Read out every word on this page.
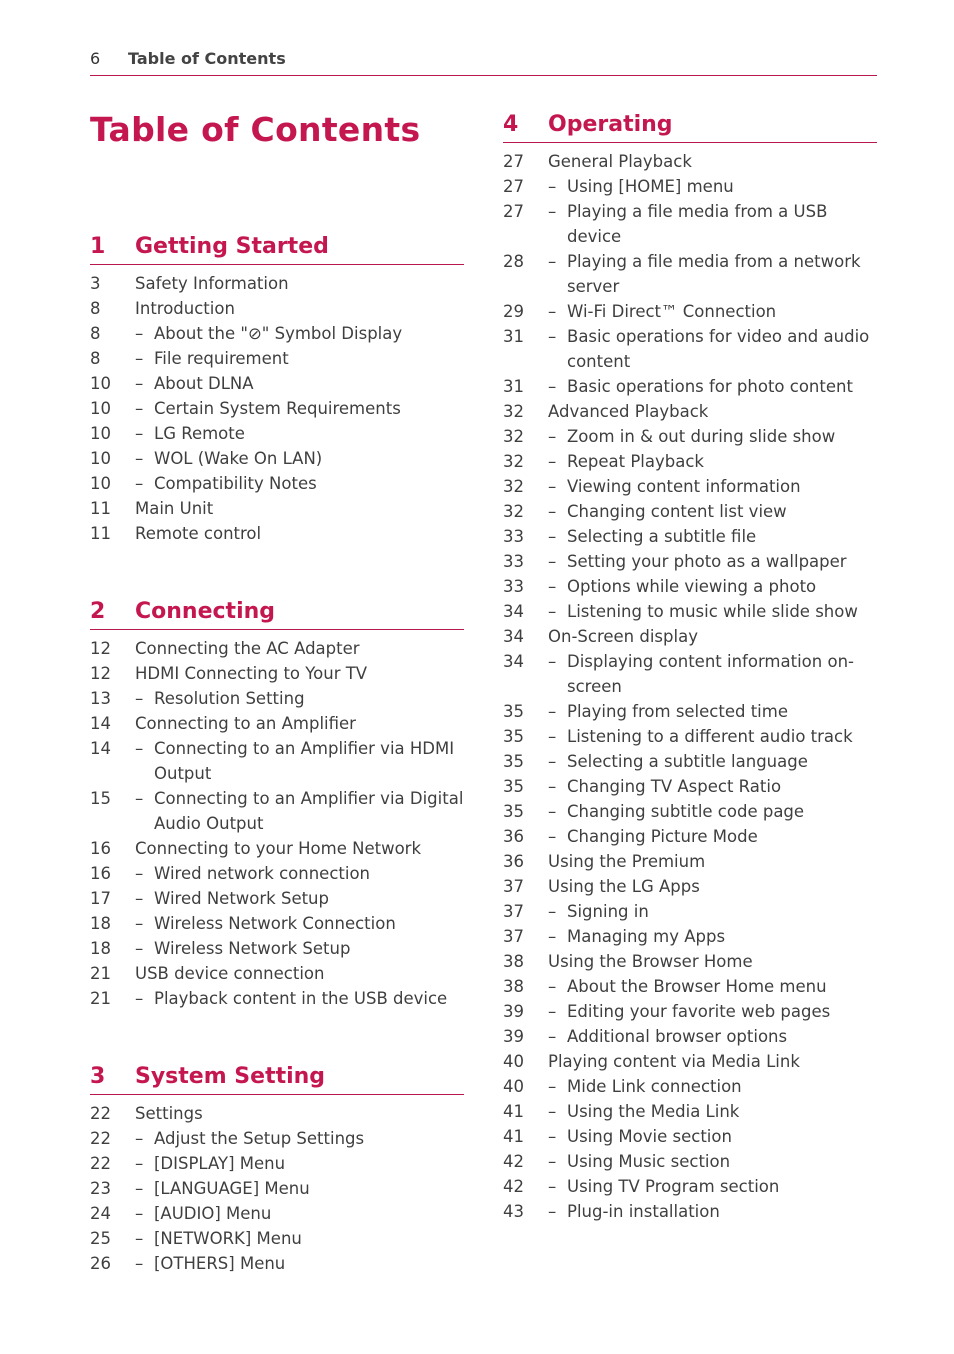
6 Table of Contents
Table of Contents
1 Getting Started
3 Safety Information
8 Introduction
8 – About the "⊘" Symbol Display
8 – File requirement
10 – About DLNA
10 – Certain System Requirements
10 – LG Remote
10 – WOL (Wake On LAN)
10 – Compatibility Notes
11 Main Unit
11 Remote control
2 Connecting
12 Connecting the AC Adapter
12 HDMI Connecting to Your TV
13 – Resolution Setting
14 Connecting to an Amplifier
14 – Connecting to an Amplifier via HDMI Output
15 – Connecting to an Amplifier via Digital Audio Output
16 Connecting to your Home Network
16 – Wired network connection
17 – Wired Network Setup
18 – Wireless Network Connection
18 – Wireless Network Setup
21 USB device connection
21 – Playback content in the USB device
3 System Setting
22 Settings
22 – Adjust the Setup Settings
22 – [DISPLAY] Menu
23 – [LANGUAGE] Menu
24 – [AUDIO] Menu
25 – [NETWORK] Menu
26 – [OTHERS] Menu
4 Operating
27 General Playback
27 – Using [HOME] menu
27 – Playing a file media from a USB device
28 – Playing a file media from a network server
29 – Wi-Fi Direct™ Connection
31 – Basic operations for video and audio content
31 – Basic operations for photo content
32 Advanced Playback
32 – Zoom in & out during slide show
32 – Repeat Playback
32 – Viewing content information
32 – Changing content list view
33 – Selecting a subtitle file
33 – Setting your photo as a wallpaper
33 – Options while viewing a photo
34 – Listening to music while slide show
34 On-Screen display
34 – Displaying content information on-screen
35 – Playing from selected time
35 – Listening to a different audio track
35 – Selecting a subtitle language
35 – Changing TV Aspect Ratio
35 – Changing subtitle code page
36 – Changing Picture Mode
36 Using the Premium
37 Using the LG Apps
37 – Signing in
37 – Managing my Apps
38 Using the Browser Home
38 – About the Browser Home menu
39 – Editing your favorite web pages
39 – Additional browser options
40 Playing content via Media Link
40 – Mide Link connection
41 – Using the Media Link
41 – Using Movie section
42 – Using Music section
42 – Using TV Program section
43 – Plug-in installation
